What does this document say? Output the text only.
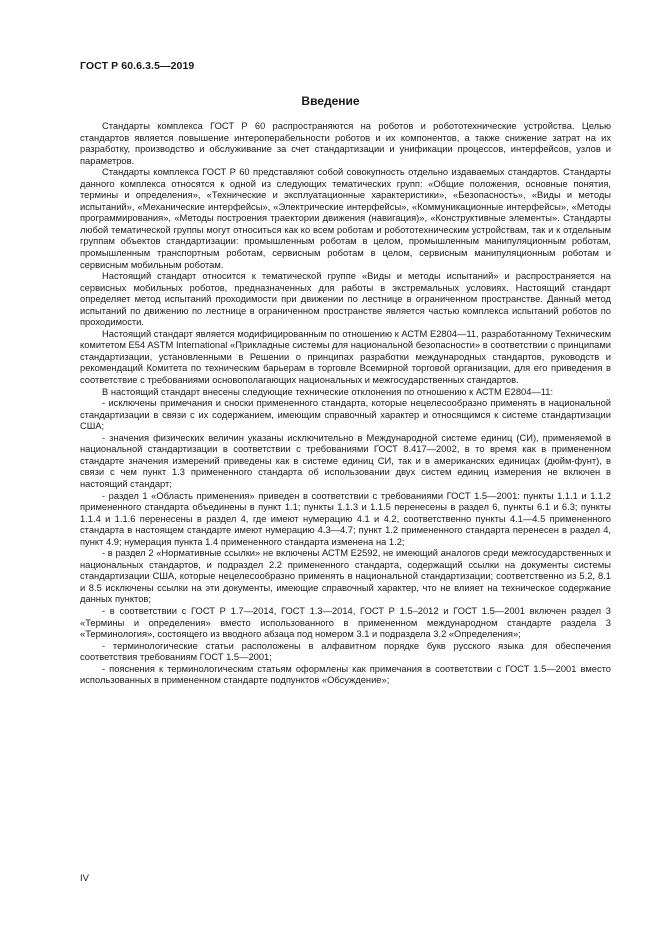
ГОСТ Р 60.6.3.5—2019
Введение

Стандарты комплекса ГОСТ Р 60 распространяются на роботов и робототехнические устройства. Целью стандартов является повышение интероперабельности роботов и их компонентов, а также снижение затрат на их разработку, производство и обслуживание за счет стандартизации и унификации процессов, интерфейсов, узлов и параметров.

Стандарты комплекса ГОСТ Р 60 представляют собой совокупность отдельно издаваемых стандартов. Стандарты данного комплекса относятся к одной из следующих тематических групп: «Общие положения, основные понятия, термины и определения», «Технические и эксплуатационные характеристики», «Безопасность», «Виды и методы испытаний», «Механические интерфейсы», «Электрические интерфейсы», «Коммуникационные интерфейсы», «Методы программирования», «Методы построения траектории движения (навигация)», «Конструктивные элементы». Стандарты любой тематической группы могут относиться как ко всем роботам и робототехническим устройствам, так и к отдельным группам объектов стандартизации: промышленным роботам в целом, промышленным манипуляционным роботам, промышленным транспортным роботам, сервисным роботам в целом, сервисным манипуляционным роботам и сервисным мобильным роботам.

Настоящий стандарт относится к тематической группе «Виды и методы испытаний» и распространяется на сервисных мобильных роботов, предназначенных для работы в экстремальных условиях. Настоящий стандарт определяет метод испытаний проходимости при движении по лестнице в ограниченном пространстве. Данный метод испытаний по движению по лестнице в ограниченном пространстве является частью комплекса испытаний роботов по проходимости.

Настоящий стандарт является модифицированным по отношению к АСТМ Е2804—11, разработанному Техническим комитетом E54 ASTM International «Прикладные системы для национальной безопасности» в соответствии с принципами стандартизации, установленными в Решении о принципах разработки международных стандартов, руководств и рекомендаций Комитета по техническим барьерам в торговле Всемирной торговой организации, для его приведения в соответствие с требованиями основополагающих национальных и межгосударственных стандартов.

В настоящий стандарт внесены следующие технические отклонения по отношению к АСТМ Е2804—11:

- исключены примечания и сноски примененного стандарта, которые нецелесообразно применять в национальной стандартизации в связи с их содержанием, имеющим справочный характер и относящимся к системе стандартизации США;

- значения физических величин указаны исключительно в Международной системе единиц (СИ), применяемой в национальной стандартизации в соответствии с требованиями ГОСТ 8.417—2002, в то время как в примененном стандарте значения измерений приведены как в системе единиц СИ, так и в американских единицах (дюйм-фунт), в связи с чем пункт 1.3 примененного стандарта об использовании двух систем единиц измерения не включен в настоящий стандарт;

- раздел 1 «Область применения» приведен в соответствии с требованиями ГОСТ 1.5—2001: пункты 1.1.1 и 1.1.2 примененного стандарта объединены в пункт 1.1; пункты 1.1.3 и 1.1.5 перенесены в раздел 6, пункты 6.1 и 6.3; пункты 1.1.4 и 1.1.6 перенесены в раздел 4, где имеют нумерацию 4.1 и 4.2, соответственно пункты 4.1—4.5 примененного стандарта в настоящем стандарте имеют нумерацию 4.3—4.7; пункт 1.2 примененного стандарта перенесен в раздел 4, пункт 4.9; нумерация пункта 1.4 примененного стандарта изменена на 1.2;

- в раздел 2 «Нормативные ссылки» не включены АСТМ Е2592, не имеющий аналогов среди межгосударственных и национальных стандартов, и подраздел 2.2 примененного стандарта, содержащий ссылки на документы системы стандартизации США, которые нецелесообразно применять в национальной стандартизации; соответственно из 5.2, 8.1 и 8.5 исключены ссылки на эти документы, имеющие справочный характер, что не влияет на техническое содержание данных пунктов;

- в соответствии с ГОСТ Р 1.7—2014, ГОСТ 1.3—2014, ГОСТ Р 1.5–2012 и ГОСТ 1.5—2001 включен раздел 3 «Термины и определения» вместо использованного в примененном международном стандарте раздела 3 «Терминология», состоящего из вводного абзаца под номером 3.1 и подраздела 3.2 «Определения»;

- терминологические статьи расположены в алфавитном порядке букв русского языка для обеспечения соответствия требованиям ГОСТ 1.5—2001;

- пояснения к терминологическим статьям оформлены как примечания в соответствии с ГОСТ 1.5—2001 вместо использованных в примененном стандарте подпунктов «Обсуждение»;

IV
